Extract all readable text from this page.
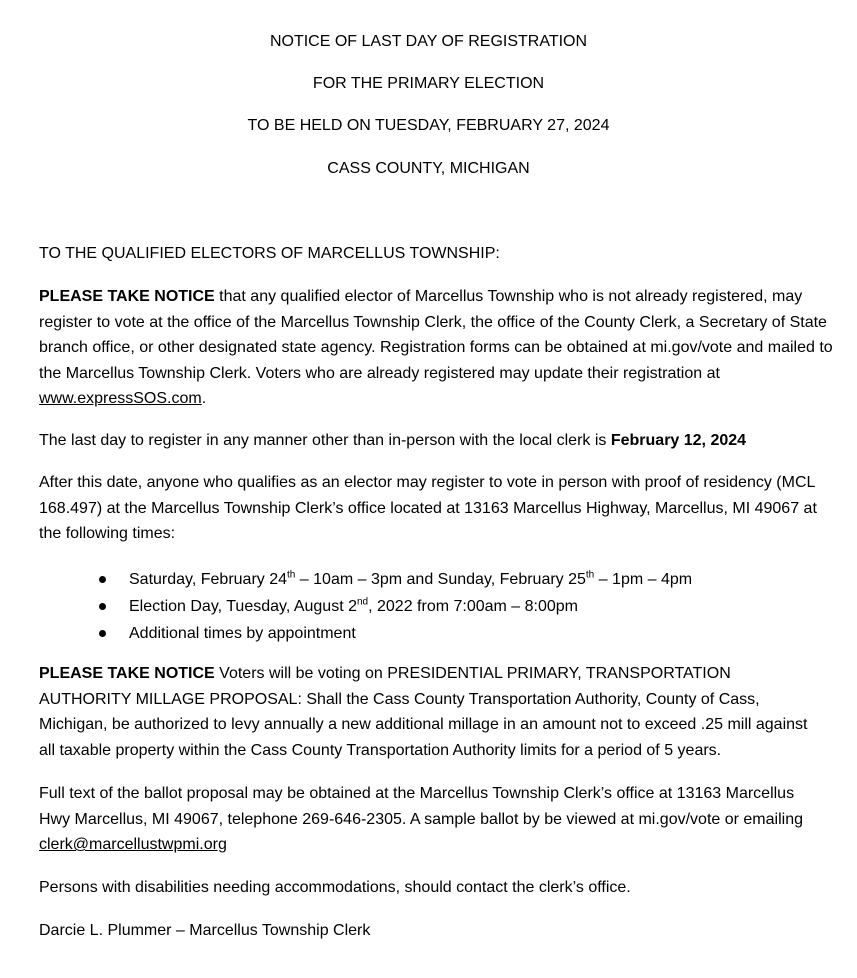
NOTICE OF LAST DAY OF REGISTRATION
FOR THE PRIMARY ELECTION
TO BE HELD ON TUESDAY, FEBRUARY 27, 2024
CASS COUNTY, MICHIGAN

TO THE QUALIFIED ELECTORS OF MARCELLUS TOWNSHIP:

PLEASE TAKE NOTICE that any qualified elector of Marcellus Township who is not already registered, may register to vote at the office of the Marcellus Township Clerk, the office of the County Clerk, a Secretary of State branch office, or other designated state agency. Registration forms can be obtained at mi.gov/vote and mailed to the Marcellus Township Clerk. Voters who are already registered may update their registration at www.expressSOS.com.

The last day to register in any manner other than in-person with the local clerk is February 12, 2024

After this date, anyone who qualifies as an elector may register to vote in person with proof of residency (MCL 168.497) at the Marcellus Township Clerk’s office located at 13163 Marcellus Highway, Marcellus, MI 49067 at the following times:

Saturday, February 24th – 10am – 3pm and Sunday, February 25th – 1pm – 4pm
Election Day, Tuesday, August 2nd, 2022 from 7:00am – 8:00pm
Additional times by appointment

PLEASE TAKE NOTICE Voters will be voting on PRESIDENTIAL PRIMARY, TRANSPORTATION AUTHORITY MILLAGE PROPOSAL: Shall the Cass County Transportation Authority, County of Cass, Michigan, be authorized to levy annually a new additional millage in an amount not to exceed .25 mill against all taxable property within the Cass County Transportation Authority limits for a period of 5 years.

Full text of the ballot proposal may be obtained at the Marcellus Township Clerk’s office at 13163 Marcellus Hwy Marcellus, MI 49067, telephone 269-646-2305. A sample ballot by be viewed at mi.gov/vote or emailing clerk@marcellustwpmi.org

Persons with disabilities needing accommodations, should contact the clerk’s office.

Darcie L. Plummer – Marcellus Township Clerk
